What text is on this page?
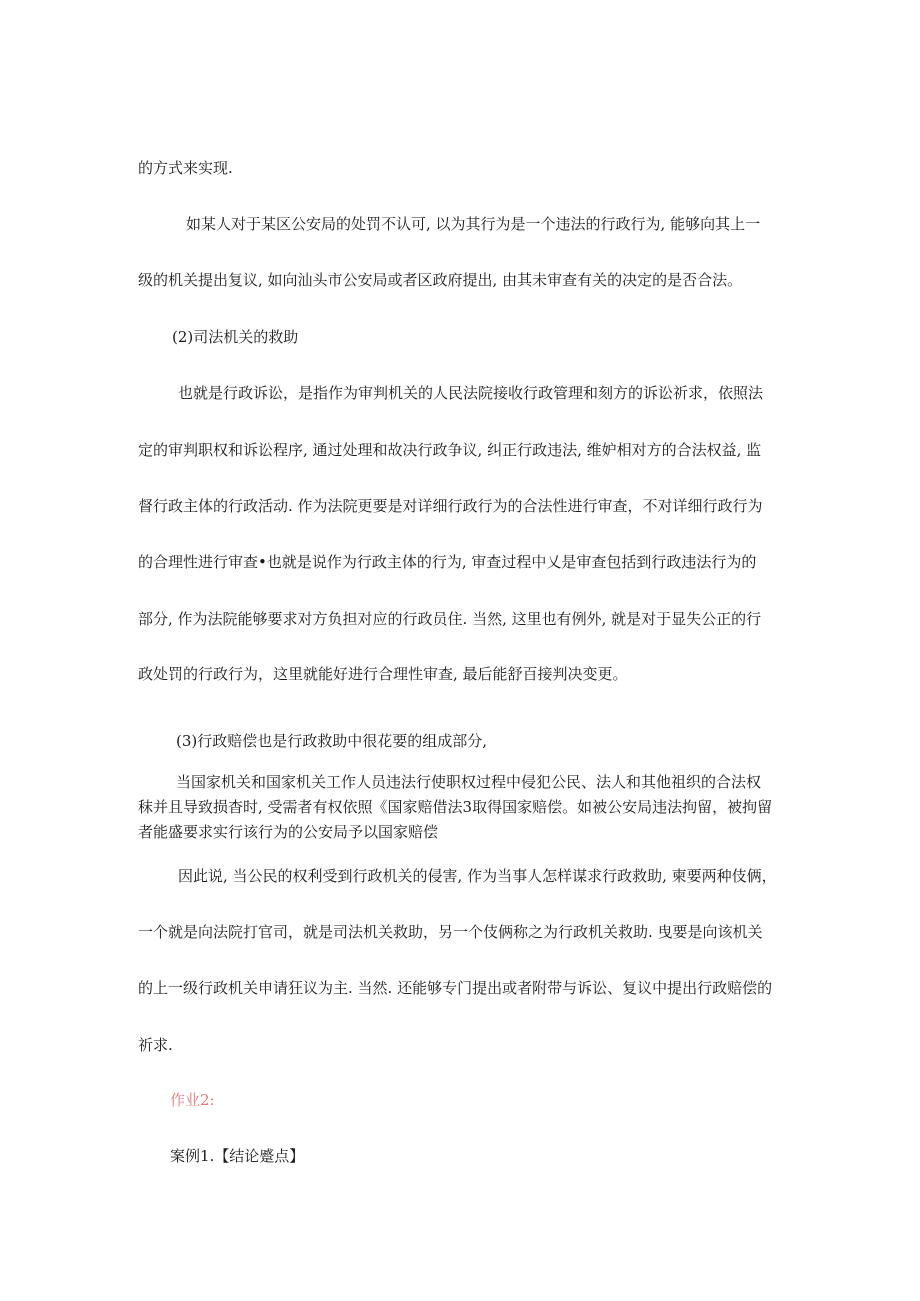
的方式来实现.

如某人对于某区公安局的处罚不认可, 以为其行为是一个违法的行政行为, 能够向其上一

级的机关提出复议, 如向汕头市公安局或者区政府提出, 由其未审查有关的决定的是否合法。

(2)司法机关的救助

也就是行政诉讼，是指作为审判机关的人民法院接收行政管理和刻方的诉讼祈求，依照法

定的审判职权和诉讼程序, 通过处理和故决行政争议, 纠正行政违法, 维妒相对方的合法权益, 监

督行政主体的行政活动. 作为法院更要是对详细行政行为的合法性进行审查，不对详细行政行为

的合理性进行审查•也就是说作为行政主体的行为, 审查过程中乂是审查包括到行政违法行为的

部分, 作为法院能够要求对方负担对应的行政员住. 当然, 这里也有例外, 就是对于显失公正的行

政处罚的行政行为，这里就能好进行合理性审查, 最后能舒百接判决变更。

(3)行政赔偿也是行政救助中很花要的组成部分,

当国家机关和国家机关工作人员违法行使职权过程中侵犯公民、法人和其他祖织的合法权

秣并且导致损杳时, 受需者有权依照《国家赔借法3取得国家赔偿。如被公安局违法拘留，被拘留

者能盛要求实行该行为的公安局予以国家赔偿

因此说, 当公民的权利受到行政机关的侵害, 作为当事人怎样谋求行政救助, 柬要两种伎俩，

一个就是向法院打官司，就是司法机关救助，另一个伎俩称之为行政机关救助. 曳要是向该机关

的上一级行政机关申请狂议为主. 当然. 还能够专门提出或者附带与诉讼、复议中提出行政赔偿的

祈求.

作业2:

案例1.【结论蹙点】
